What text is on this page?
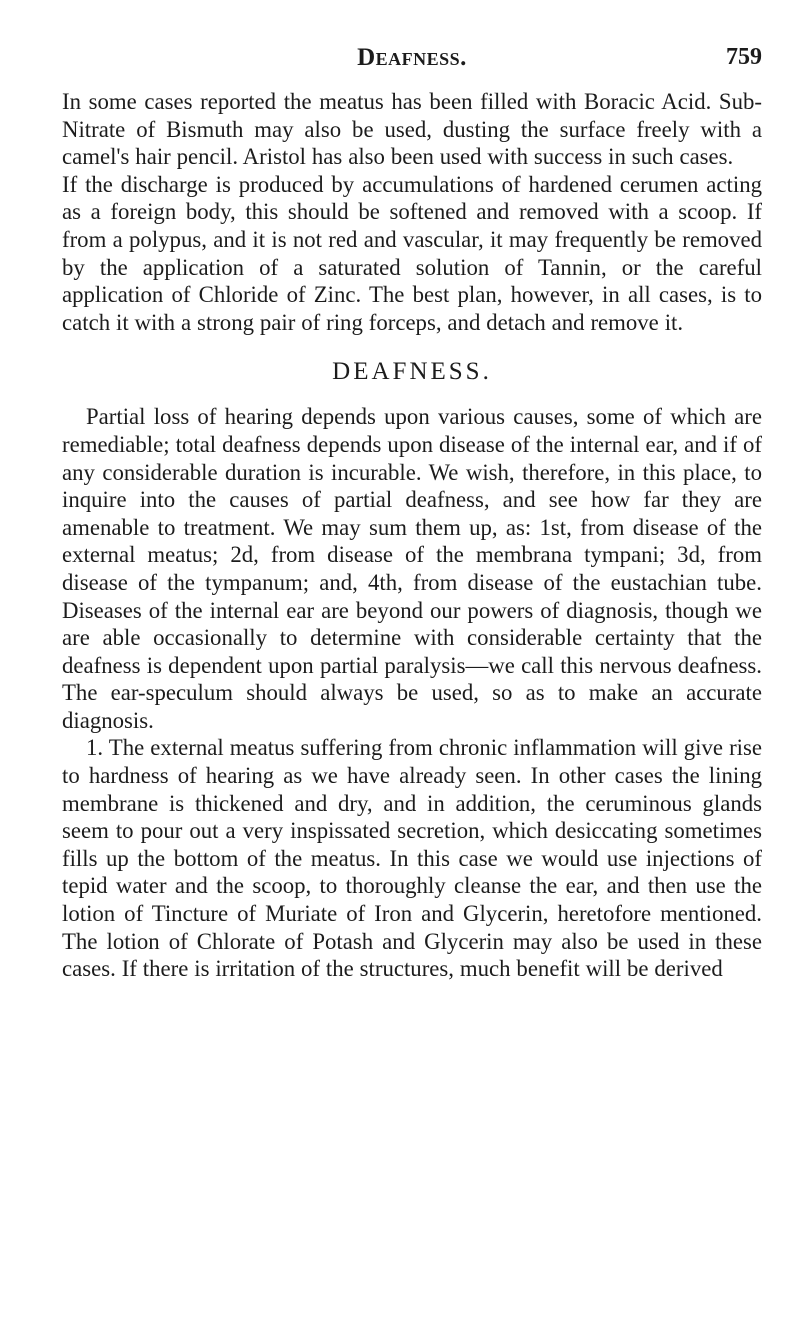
Deafness.	759

In some cases reported the meatus has been filled with Boracic Acid. Sub-Nitrate of Bismuth may also be used, dusting the surface freely with a camel's hair pencil. Aristol has also been used with success in such cases.

If the discharge is produced by accumulations of hardened cerumen acting as a foreign body, this should be softened and removed with a scoop. If from a polypus, and it is not red and vascular, it may frequently be removed by the application of a saturated solution of Tannin, or the careful application of Chloride of Zinc. The best plan, however, in all cases, is to catch it with a strong pair of ring forceps, and detach and remove it.

DEAFNESS.

Partial loss of hearing depends upon various causes, some of which are remediable; total deafness depends upon disease of the internal ear, and if of any considerable duration is incurable. We wish, therefore, in this place, to inquire into the causes of partial deafness, and see how far they are amenable to treatment. We may sum them up, as: 1st, from disease of the external meatus; 2d, from disease of the membrana tympani; 3d, from disease of the tympanum; and, 4th, from disease of the eustachian tube. Diseases of the internal ear are beyond our powers of diagnosis, though we are able occasionally to determine with considerable certainty that the deafness is dependent upon partial paralysis—we call this nervous deafness. The ear-speculum should always be used, so as to make an accurate diagnosis.

1. The external meatus suffering from chronic inflammation will give rise to hardness of hearing as we have already seen. In other cases the lining membrane is thickened and dry, and in addition, the ceruminous glands seem to pour out a very inspissated secretion, which desiccating sometimes fills up the bottom of the meatus. In this case we would use injections of tepid water and the scoop, to thoroughly cleanse the ear, and then use the lotion of Tincture of Muriate of Iron and Glycerin, heretofore mentioned. The lotion of Chlorate of Potash and Glycerin may also be used in these cases. If there is irritation of the structures, much benefit will be derived
